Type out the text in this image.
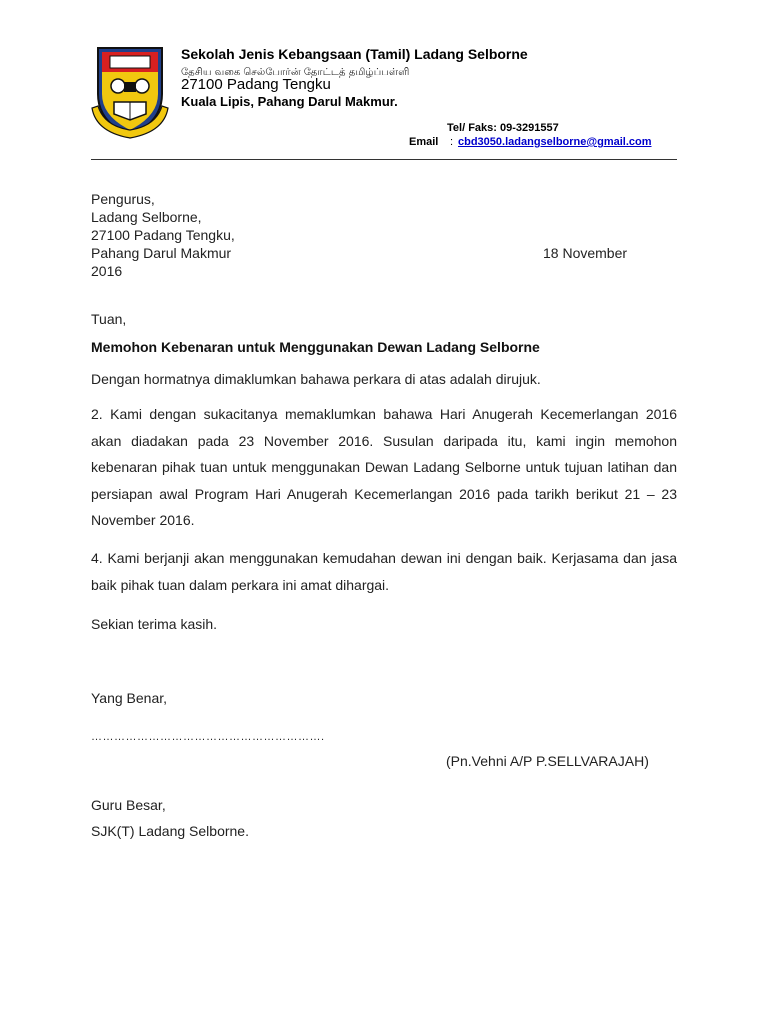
Sekolah Jenis Kebangsaan (Tamil) Ladang Selborne
தேசிய வகை செல்போர்ன் தோட்டத் தமிழ்ப்பள்ளி
27100 Padang Tengku
Kuala Lipis, Pahang Darul Makmur.
Tel/ Faks: 09-3291557
Email : cbd3050.ladangselborne@gmail.com
Pengurus,
Ladang Selborne,
27100 Padang Tengku,
Pahang Darul Makmur
2016
18 November
Tuan,
Memohon Kebenaran untuk Menggunakan Dewan Ladang Selborne
Dengan hormatnya dimaklumkan bahawa perkara di atas adalah dirujuk.
2. Kami dengan sukacitanya memaklumkan bahawa Hari Anugerah Kecemerlangan 2016 akan diadakan pada 23 November 2016. Susulan daripada itu, kami ingin memohon kebenaran pihak tuan untuk menggunakan Dewan Ladang Selborne untuk tujuan latihan dan persiapan awal Program Hari Anugerah Kecemerlangan 2016 pada tarikh berikut 21 – 23 November 2016.
4. Kami berjanji akan menggunakan kemudahan dewan ini dengan baik. Kerjasama dan jasa baik pihak tuan dalam perkara ini amat dihargai.
Sekian terima kasih.
Yang Benar,
…………………………………………………….
(Pn.Vehni A/P P.SELLVARAJAH)
Guru Besar,
SJK(T) Ladang Selborne.
